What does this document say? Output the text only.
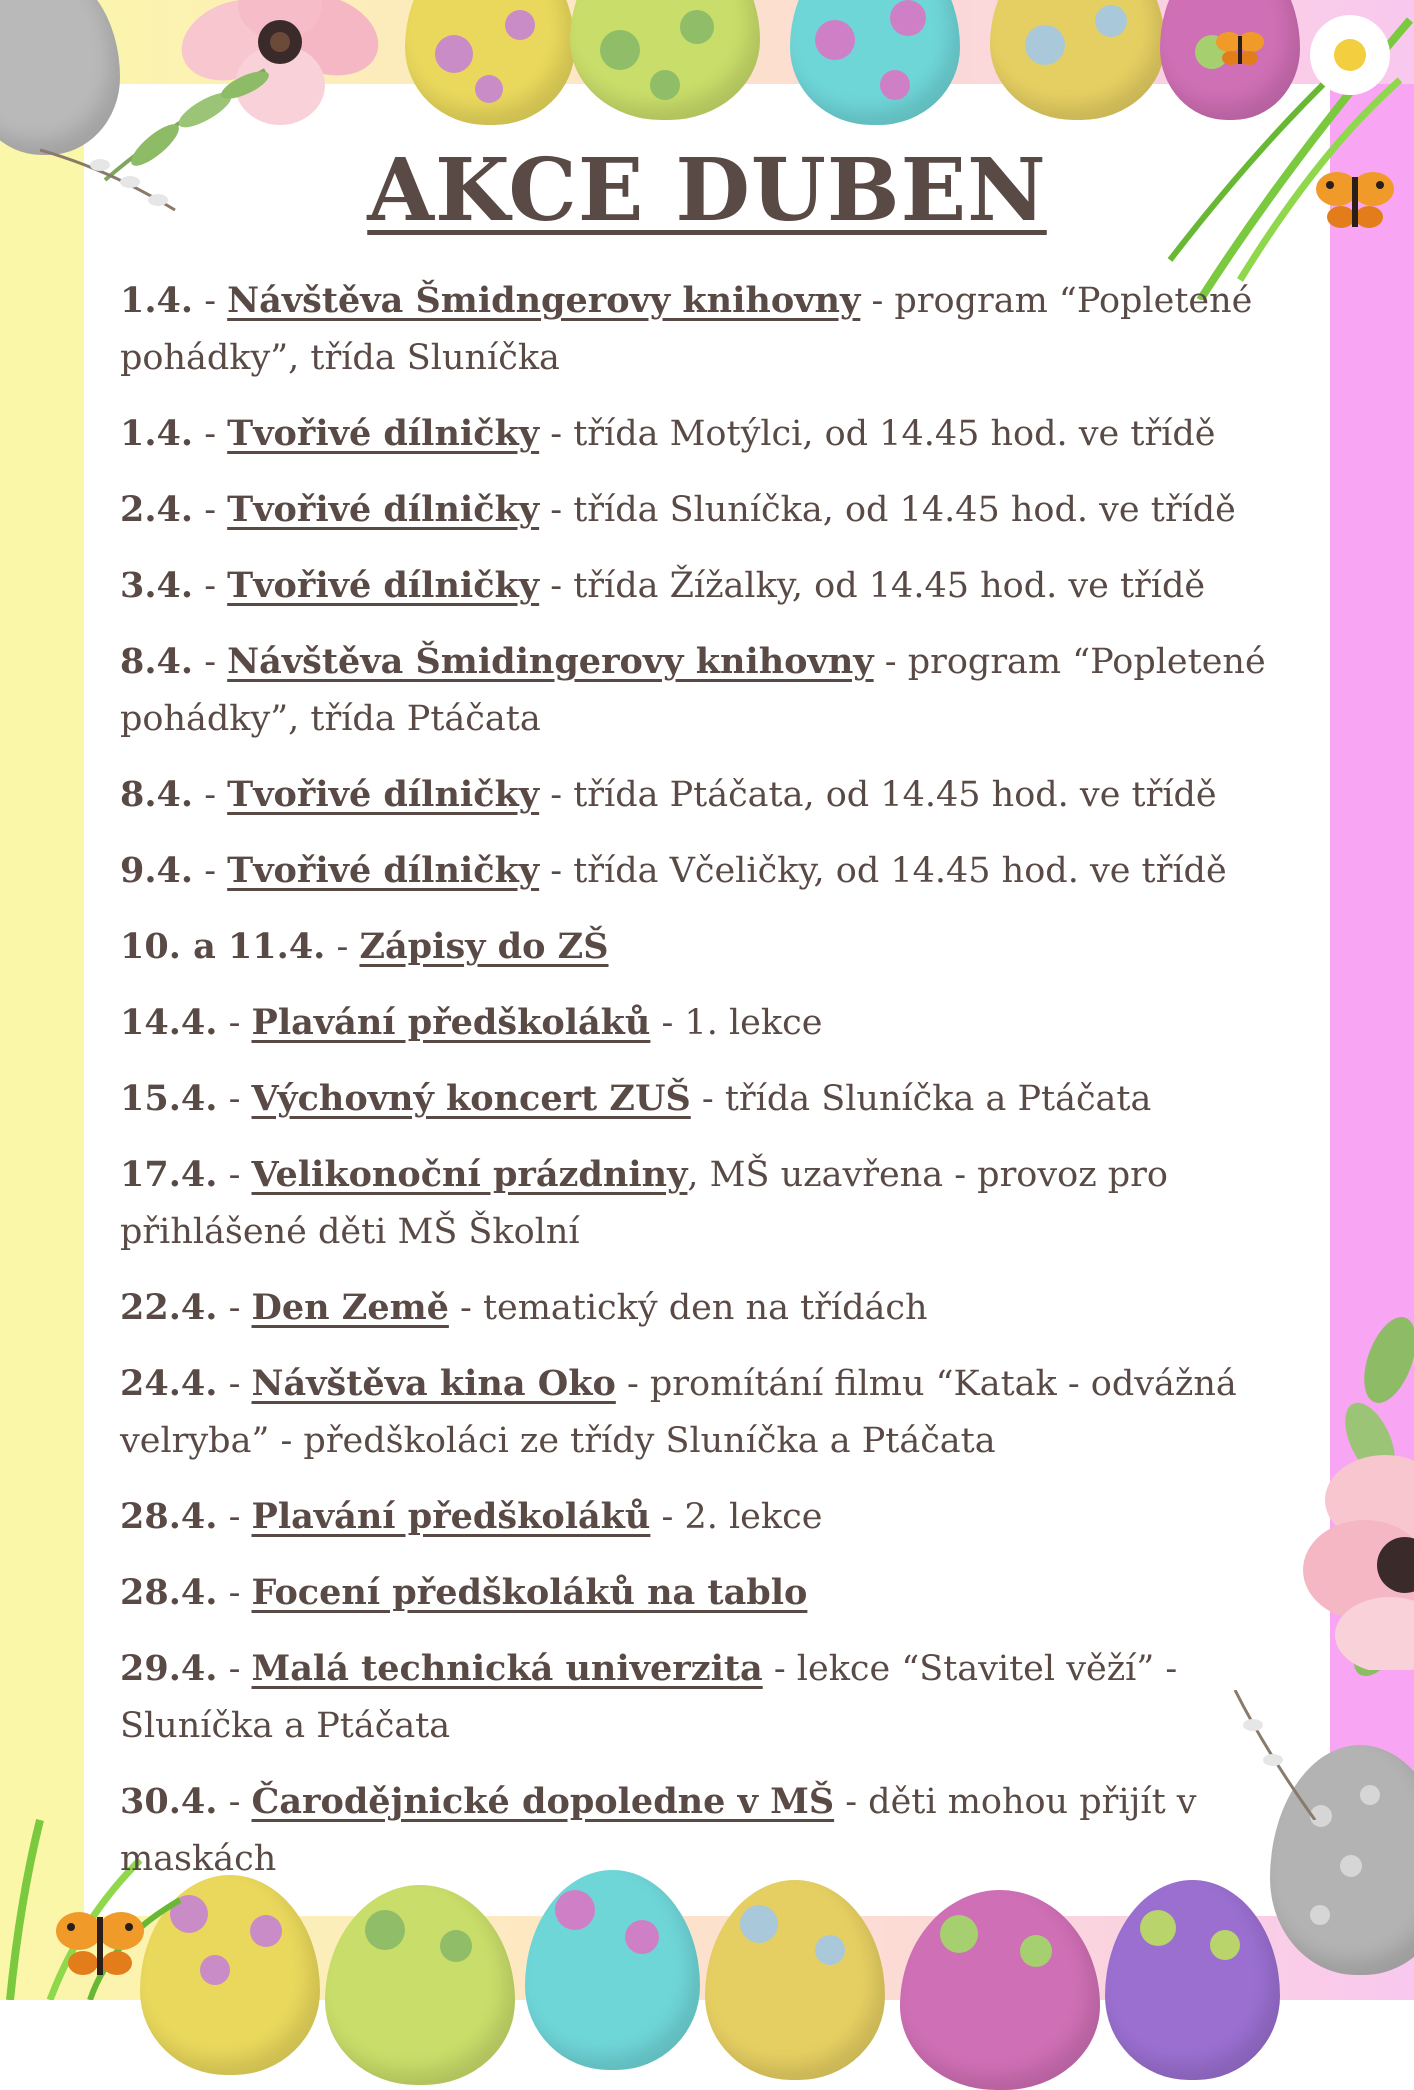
AKCE DUBEN
1.4. - Návštěva Šmidngerovy knihovny - program “Popletené pohádky”, třída Sluníčka
1.4. - Tvořivé dílničky - třída Motýlci, od 14.45 hod. ve třídě
2.4. - Tvořivé dílničky - třída Sluníčka, od 14.45 hod. ve třídě
3.4. - Tvořivé dílničky - třída Žížalky, od 14.45 hod. ve třídě
8.4. - Návštěva Šmidingerovy knihovny - program “Popletené pohádky”, třída Ptáčata
8.4. - Tvořivé dílničky - třída Ptáčata, od 14.45 hod. ve třídě
9.4. - Tvořivé dílničky - třída Včeličky, od 14.45 hod. ve třídě
10. a 11.4. - Zápisy do ZŠ
14.4. - Plavání předškoláků - 1. lekce
15.4. - Výchovný koncert ZUŠ - třída Sluníčka a Ptáčata
17.4. - Velikonoční prázdniny, MŠ uzavřena - provoz pro přihlášené děti MŠ Školní
22.4. - Den Země - tematický den na třídách
24.4. - Návštěva kina Oko - promítání filmu “Katak - odvážná velryba” - předškoláci ze třídy Sluníčka a Ptáčata
28.4. - Plavání předškoláků - 2. lekce
28.4. - Focení předškoláků na tablo
29.4. - Malá technická univerzita - lekce “Stavitel věží” - Sluníčka a Ptáčata
30.4. - Čarodějnické dopoledne v MŠ - děti mohou přijít v maskách
